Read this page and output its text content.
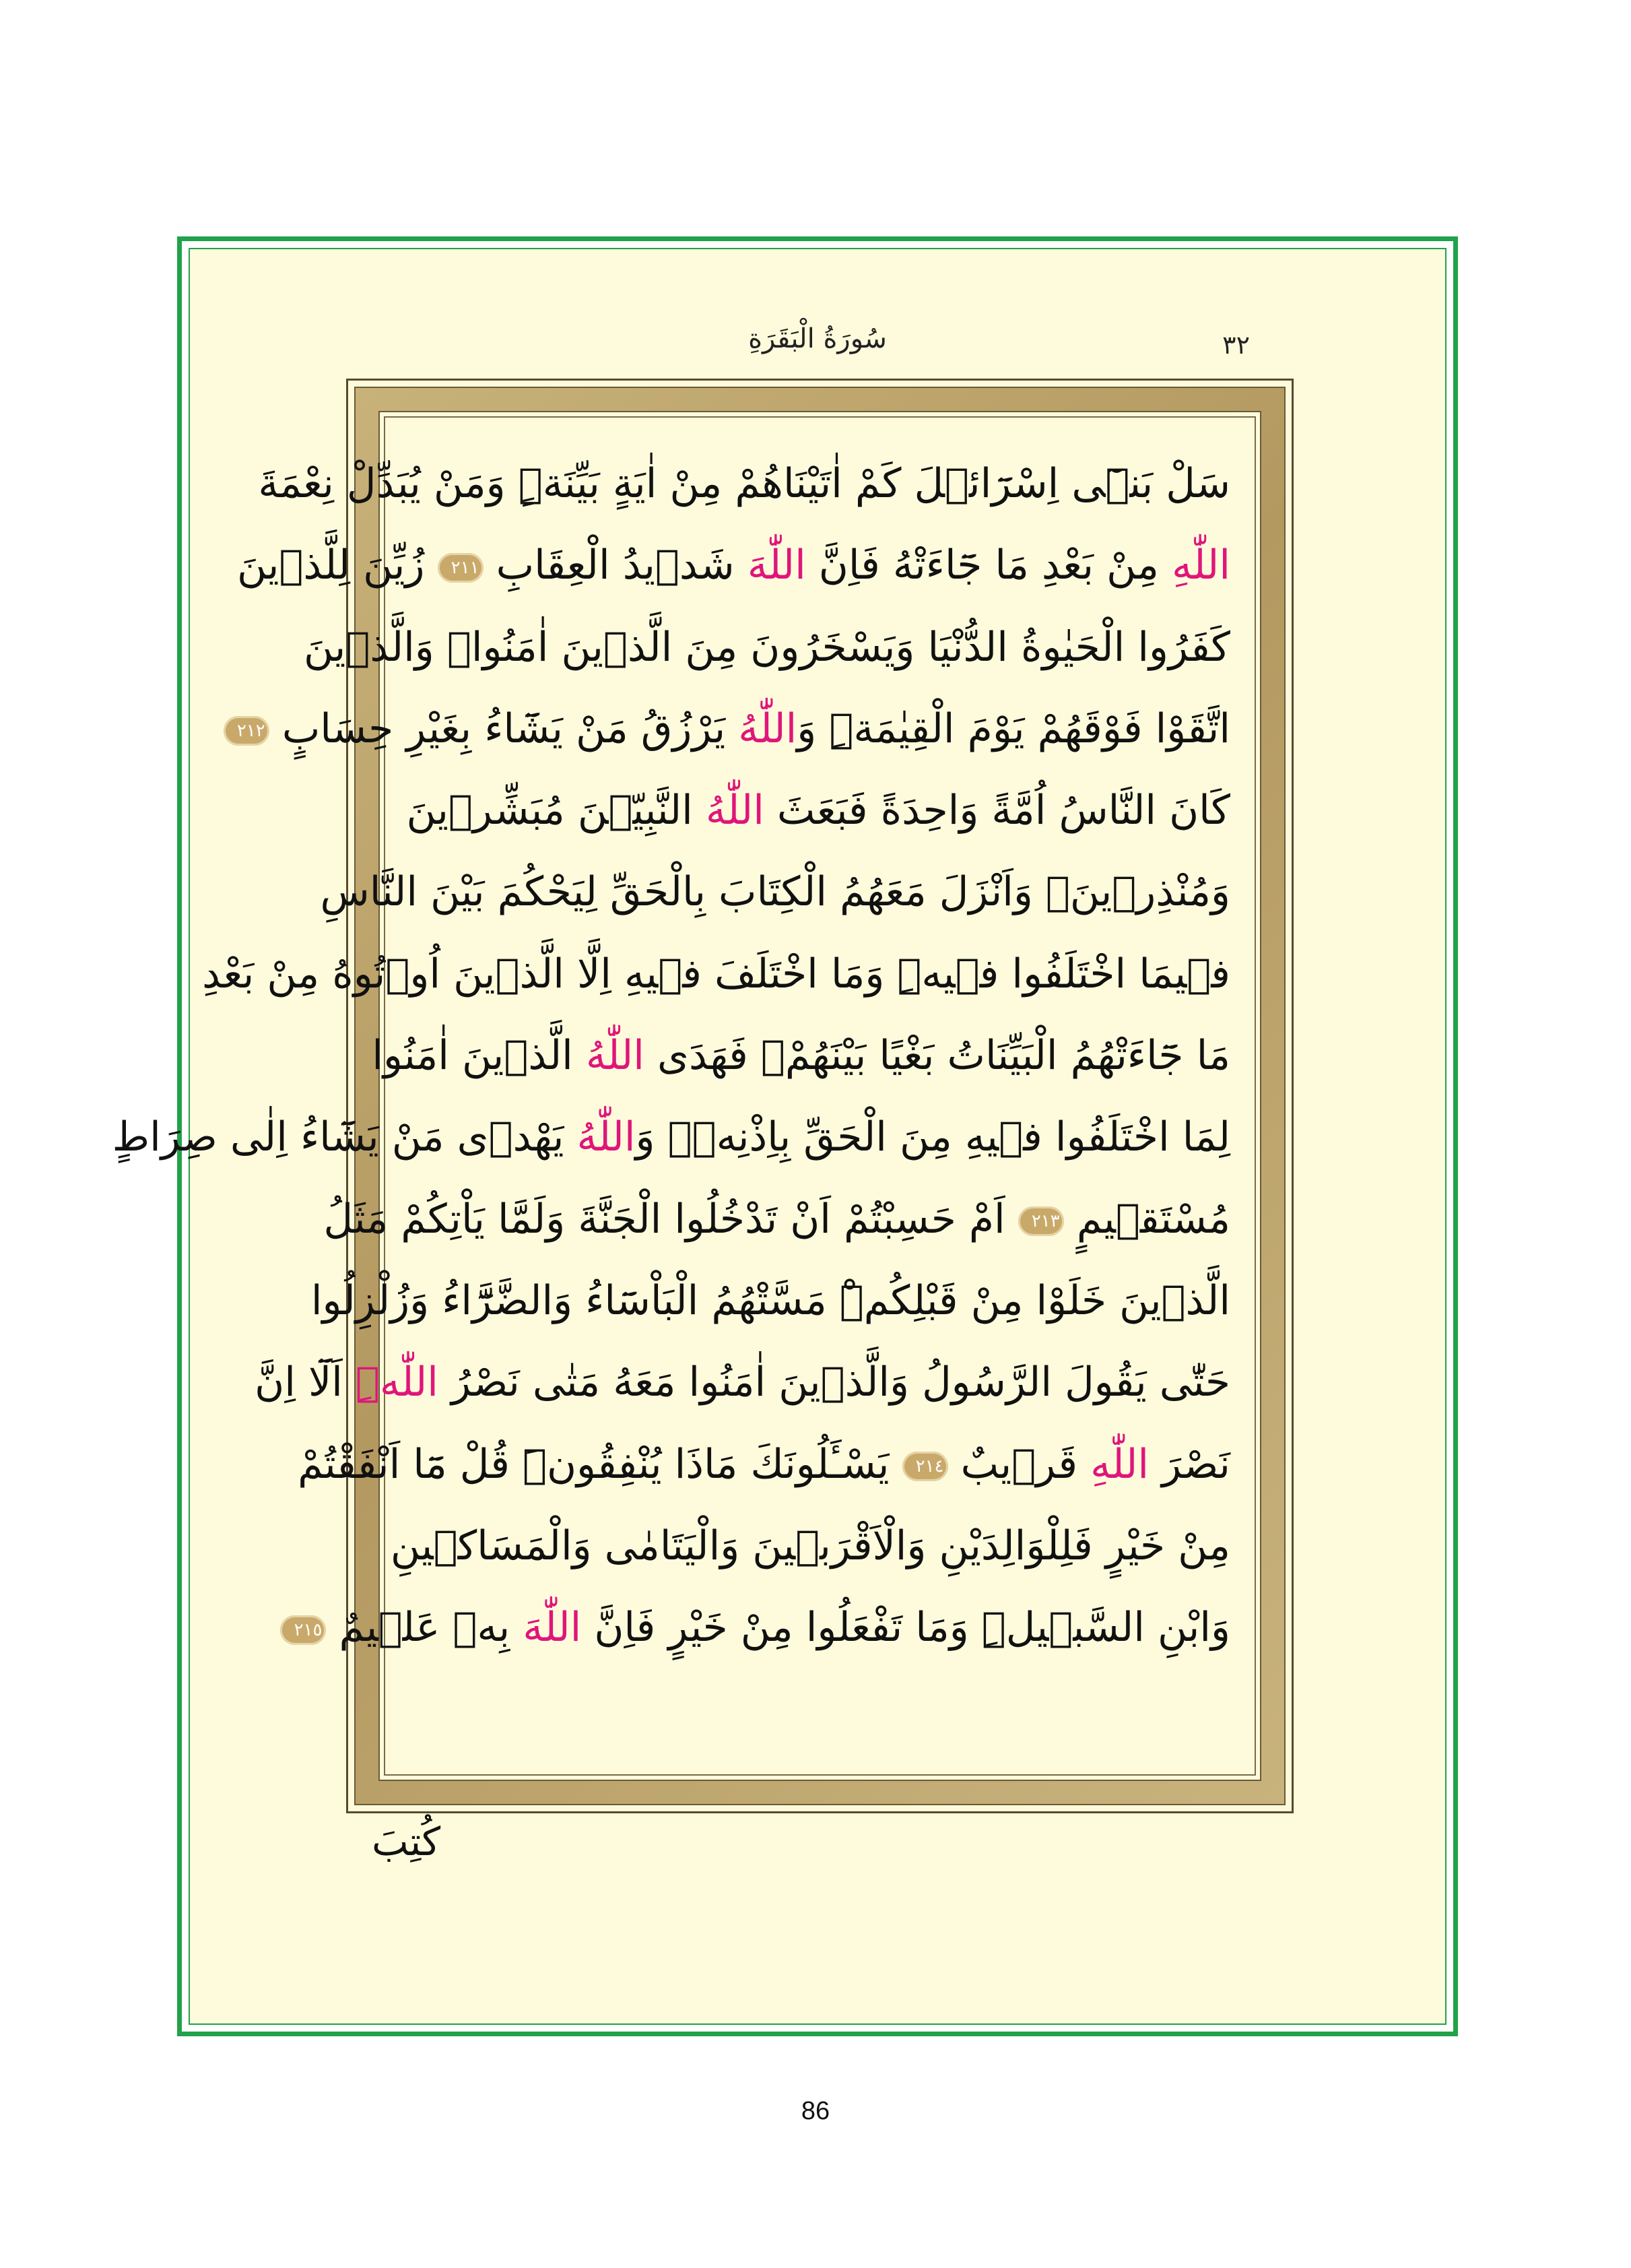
سُورَةُ الْبَقَرَةِ	٣٢
سَلْ بَنٖٓى اِسْرَٓائٖلَ كَمْ اٰتَيْنَاهُمْ مِنْ اٰيَةٍ بَيِّنَةٍۜ وَمَنْ يُبَدِّلْ نِعْمَةَ
اللّٰهِ مِنْ بَعْدِ مَا جَٓاءَتْهُ فَاِنَّ اللّٰهَ شَدٖيدُ الْعِقَابِ ٢١١ زُيِّنَ لِلَّذٖينَ
كَفَرُوا الْحَيٰوةُ الدُّنْيَا وَيَسْخَرُونَ مِنَ الَّذٖينَ اٰمَنُواۢ وَالَّذٖينَ
اتَّقَوْا فَوْقَهُمْ يَوْمَ الْقِيٰمَةِۜ وَاللّٰهُ يَرْزُقُ مَنْ يَشَٓاءُ بِغَيْرِ حِسَابٍ ٢١٢
كَانَ النَّاسُ اُمَّةً وَاحِدَةً فَبَعَثَ اللّٰهُ النَّبِيّٖنَ مُبَشِّرٖينَ
وَمُنْذِرٖينَۖ وَاَنْزَلَ مَعَهُمُ الْكِتَابَ بِالْحَقِّ لِيَحْكُمَ بَيْنَ النَّاسِ
فٖيمَا اخْتَلَفُوا فٖيهِۜ وَمَا اخْتَلَفَ فٖيهِ اِلَّا الَّذٖينَ اُو۫تُوهُ مِنْ بَعْدِ
مَا جَٓاءَتْهُمُ الْبَيِّنَاتُ بَغْيًا بَيْنَهُمْۚ فَهَدَى اللّٰهُ الَّذٖينَ اٰمَنُوا
لِمَا اخْتَلَفُوا فٖيهِ مِنَ الْحَقِّ بِاِذْنِهٖۜ وَاللّٰهُ يَهْدٖى مَنْ يَشَٓاءُ اِلٰى صِرَاطٍ
مُسْتَقٖيمٍ ٢١٣ اَمْ حَسِبْتُمْ اَنْ تَدْخُلُوا الْجَنَّةَ وَلَمَّا يَاْتِكُمْ مَثَلُ
الَّذٖينَ خَلَوْا مِنْ قَبْلِكُمْۜ مَسَّتْهُمُ الْبَاْسَٓاءُ وَالضَّرَّٓاءُ وَزُلْزِلُوا
حَتّٰى يَقُولَ الرَّسُولُ وَالَّذٖينَ اٰمَنُوا مَعَهُ مَتٰى نَصْرُ اللّٰهِۜ اَلَٓا اِنَّ
نَصْرَ اللّٰهِ قَرٖيبٌ ٢١٤ يَسْـَٔلُونَكَ مَاذَا يُنْفِقُونَۜ قُلْ مَٓا اَنْفَقْتُمْ
مِنْ خَيْرٍ فَلِلْوَالِدَيْنِ وَالْاَقْرَبٖينَ وَالْيَتَامٰى وَالْمَسَاكٖينِ
وَابْنِ السَّبٖيلِۜ وَمَا تَفْعَلُوا مِنْ خَيْرٍ فَاِنَّ اللّٰهَ بِهٖ عَلٖيمٌ ٢١٥
كُتِبَ
86
